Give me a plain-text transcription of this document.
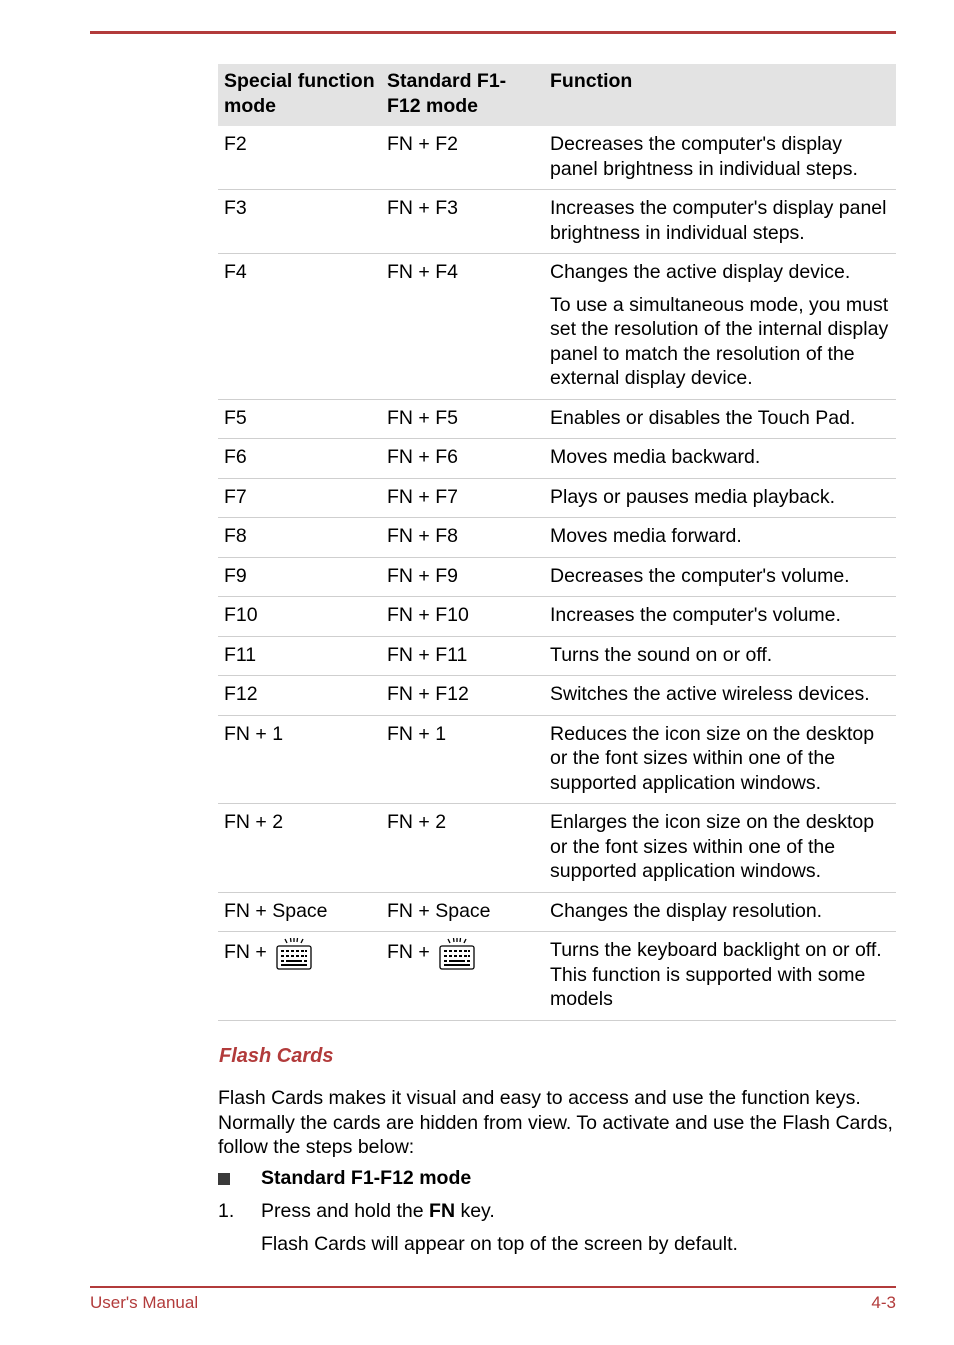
Special function mode	Standard F1-F12 mode	Function
F2	FN + F2	Decreases the computer's display panel brightness in individual steps.

F3	FN + F3	Increases the computer's display panel brightness in individual steps.

F4	FN + F4	Changes the active display device.

To use a simultaneous mode, you must set the resolution of the internal display panel to match the resolution of the external display device.

F5	FN + F5	Enables or disables the Touch Pad.

F6	FN + F6	Moves media backward.

F7	FN + F7	Plays or pauses media playback.

F8	FN + F8	Moves media forward.

F9	FN + F9	Decreases the computer's volume.

F10	FN + F10	Increases the computer's volume.

F11	FN + F11	Turns the sound on or off.

F12	FN + F12	Switches the active wireless devices.

FN + 1	FN + 1	Reduces the icon size on the desktop or the font sizes within one of the supported application windows.

FN + 2	FN + 2	Enlarges the icon size on the desktop or the font sizes within one of the supported application windows.

FN + Space	FN + Space	Changes the display resolution.

FN +	FN +	Turns the keyboard backlight on or off. This function is supported with some models

Flash Cards

Flash Cards makes it visual and easy to access and use the function keys. Normally the cards are hidden from view. To activate and use the Flash Cards, follow the steps below:

Standard F1-F12 mode
1. Press and hold the FN key.
Flash Cards will appear on top of the screen by default.
User's Manual	4-3
